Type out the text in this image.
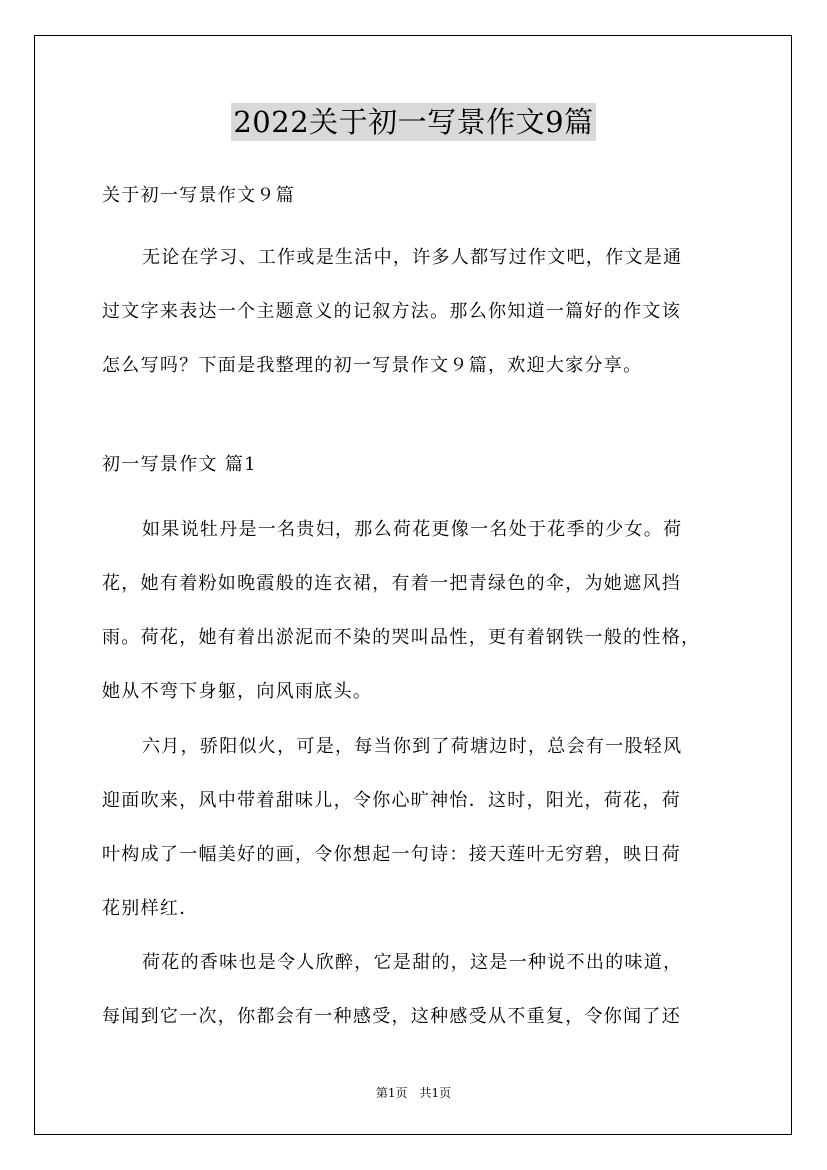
2022关于初一写景作文9篇
关于初一写景作文９篇
无论在学习、工作或是生活中，许多人都写过作文吧，作文是通
过文字来表达一个主题意义的记叙方法。那么你知道一篇好的作文该
怎么写吗？下面是我整理的初一写景作文９篇，欢迎大家分享。
初一写景作文 篇1
如果说牡丹是一名贵妇，那么荷花更像一名处于花季的少女。荷
花，她有着粉如晚霞般的连衣裙，有着一把青绿色的伞，为她遮风挡
雨。荷花，她有着出淤泥而不染的哭叫品性，更有着钢铁一般的性格，
她从不弯下身躯，向风雨底头。
六月，骄阳似火，可是，每当你到了荷塘边时，总会有一股轻风
迎面吹来，风中带着甜味儿，令你心旷神怡．这时，阳光，荷花，荷
叶构成了一幅美好的画，令你想起一句诗：接天莲叶无穷碧，映日荷
花别样红．
荷花的香味也是令人欣醉，它是甜的，这是一种说不出的味道，
每闻到它一次，你都会有一种感受，这种感受从不重复，令你闻了还
第1页　共1页
